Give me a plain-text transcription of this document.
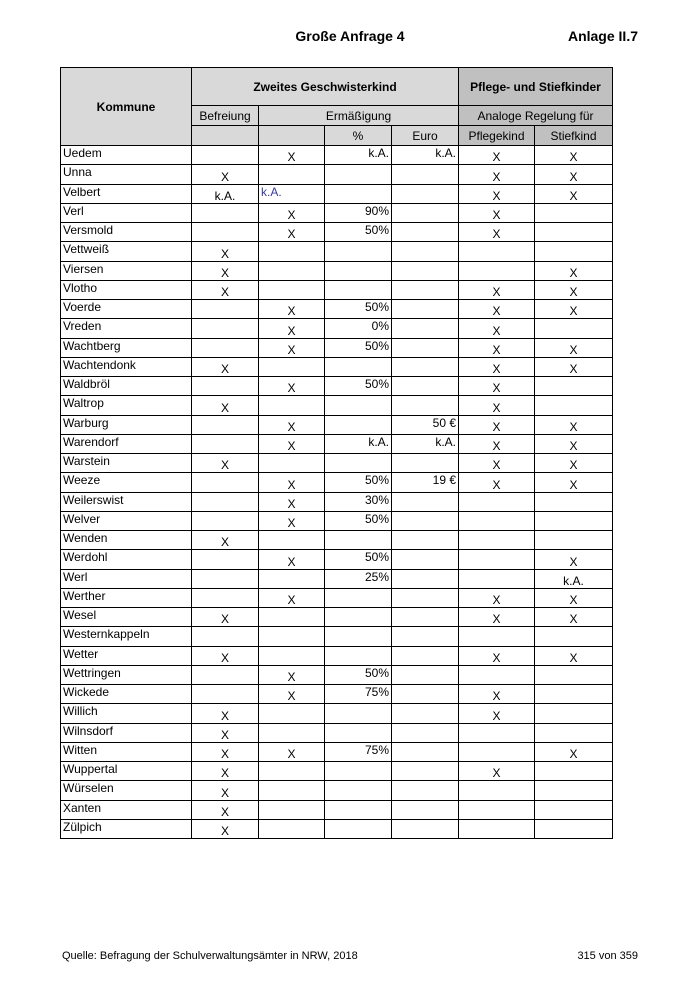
Große Anfrage 4	Anlage II.7
Kommune	Zweites Geschwisterkind				Pflege- und Stiefkinder	
	Befreiung	Ermäßigung			Analoge Regelung für	
			%	Euro	Pflegekind	Stiefkind
Uedem		X	k.A.	k.A.	X	X
Unna	X				X	X
Velbert	k.A.	k.A.			X	X
Verl		X	90%		X	
Versmold		X	50%		X	
Vettweiß	X					
Viersen	X					X
Vlotho	X				X	X
Voerde		X	50%		X	X
Vreden		X	0%		X	
Wachtberg		X	50%		X	X
Wachtendonk	X				X	X
Waldbröl		X	50%		X	
Waltrop	X				X	
Warburg		X		50 €	X	X
Warendorf		X	k.A.	k.A.	X	X
Warstein	X				X	X
Weeze		X	50%	19 €	X	X
Weilerswist		X	30%			
Welver		X	50%			
Wenden	X					
Werdohl		X	50%			X
Werl			25%			k.A.
Werther		X			X	X
Wesel	X				X	X
Westernkappeln						
Wetter	X				X	X
Wettringen		X	50%			
Wickede		X	75%		X	
Willich	X				X	
Wilnsdorf	X					
Witten	X	X	75%			X
Wuppertal	X				X	
Würselen	X					
Xanten	X					
Zülpich	X					
Quelle: Befragung der Schulverwaltungsämter in NRW, 2018	315 von 359
